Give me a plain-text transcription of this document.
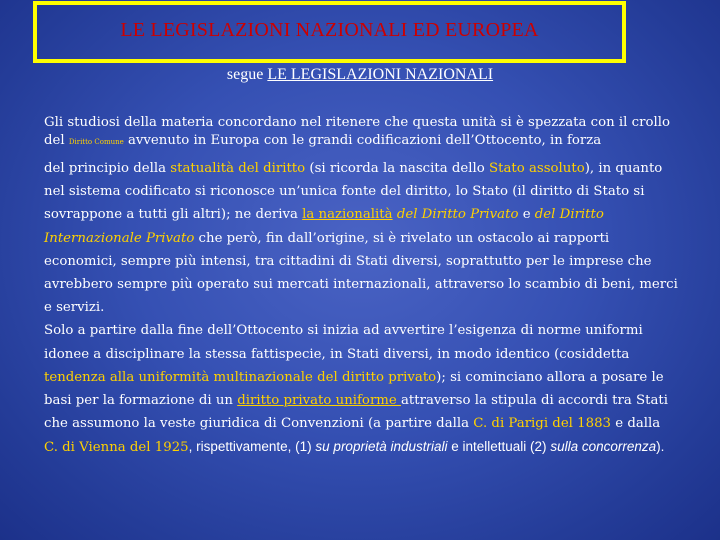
LE LEGISLAZIONI NAZIONALI ED EUROPEA
segue LE LEGISLAZIONI NAZIONALI

Gli studiosi della materia concordano nel ritenere che questa unità si è spezzata con il crollo del Diritto Comune avvenuto in Europa con le grandi codificazioni dell’Ottocento, in forza

del principio della statualità del diritto (si ricorda la nascita dello Stato assoluto), in quanto nel sistema codificato si riconosce un’unica fonte del diritto, lo Stato (il diritto di Stato si sovrappone a tutti gli altri); ne deriva la nazionalità del Diritto Privato e del Diritto Internazionale Privato che però, fin dall’origine, si è rivelato un ostacolo ai rapporti economici, sempre più intensi, tra cittadini di Stati diversi, soprattutto per le imprese che avrebbero sempre più operato sui mercati internazionali, attraverso lo scambio di beni, merci e servizi.
Solo a partire dalla fine dell’Ottocento si inizia ad avvertire l’esigenza di norme uniformi idonee a disciplinare la stessa fattispecie, in Stati diversi, in modo identico (cosiddetta tendenza alla uniformità multinazionale del diritto privato); si cominciano allora a posare le basi per la formazione di un diritto privato uniforme attraverso la stipula di accordi tra Stati che assumono la veste giuridica di Convenzioni (a partire dalla C. di Parigi del 1883 e dalla C. di Vienna del 1925, rispettivamente, (1) su proprietà industriali e intellettuali (2) sulla concorrenza).
